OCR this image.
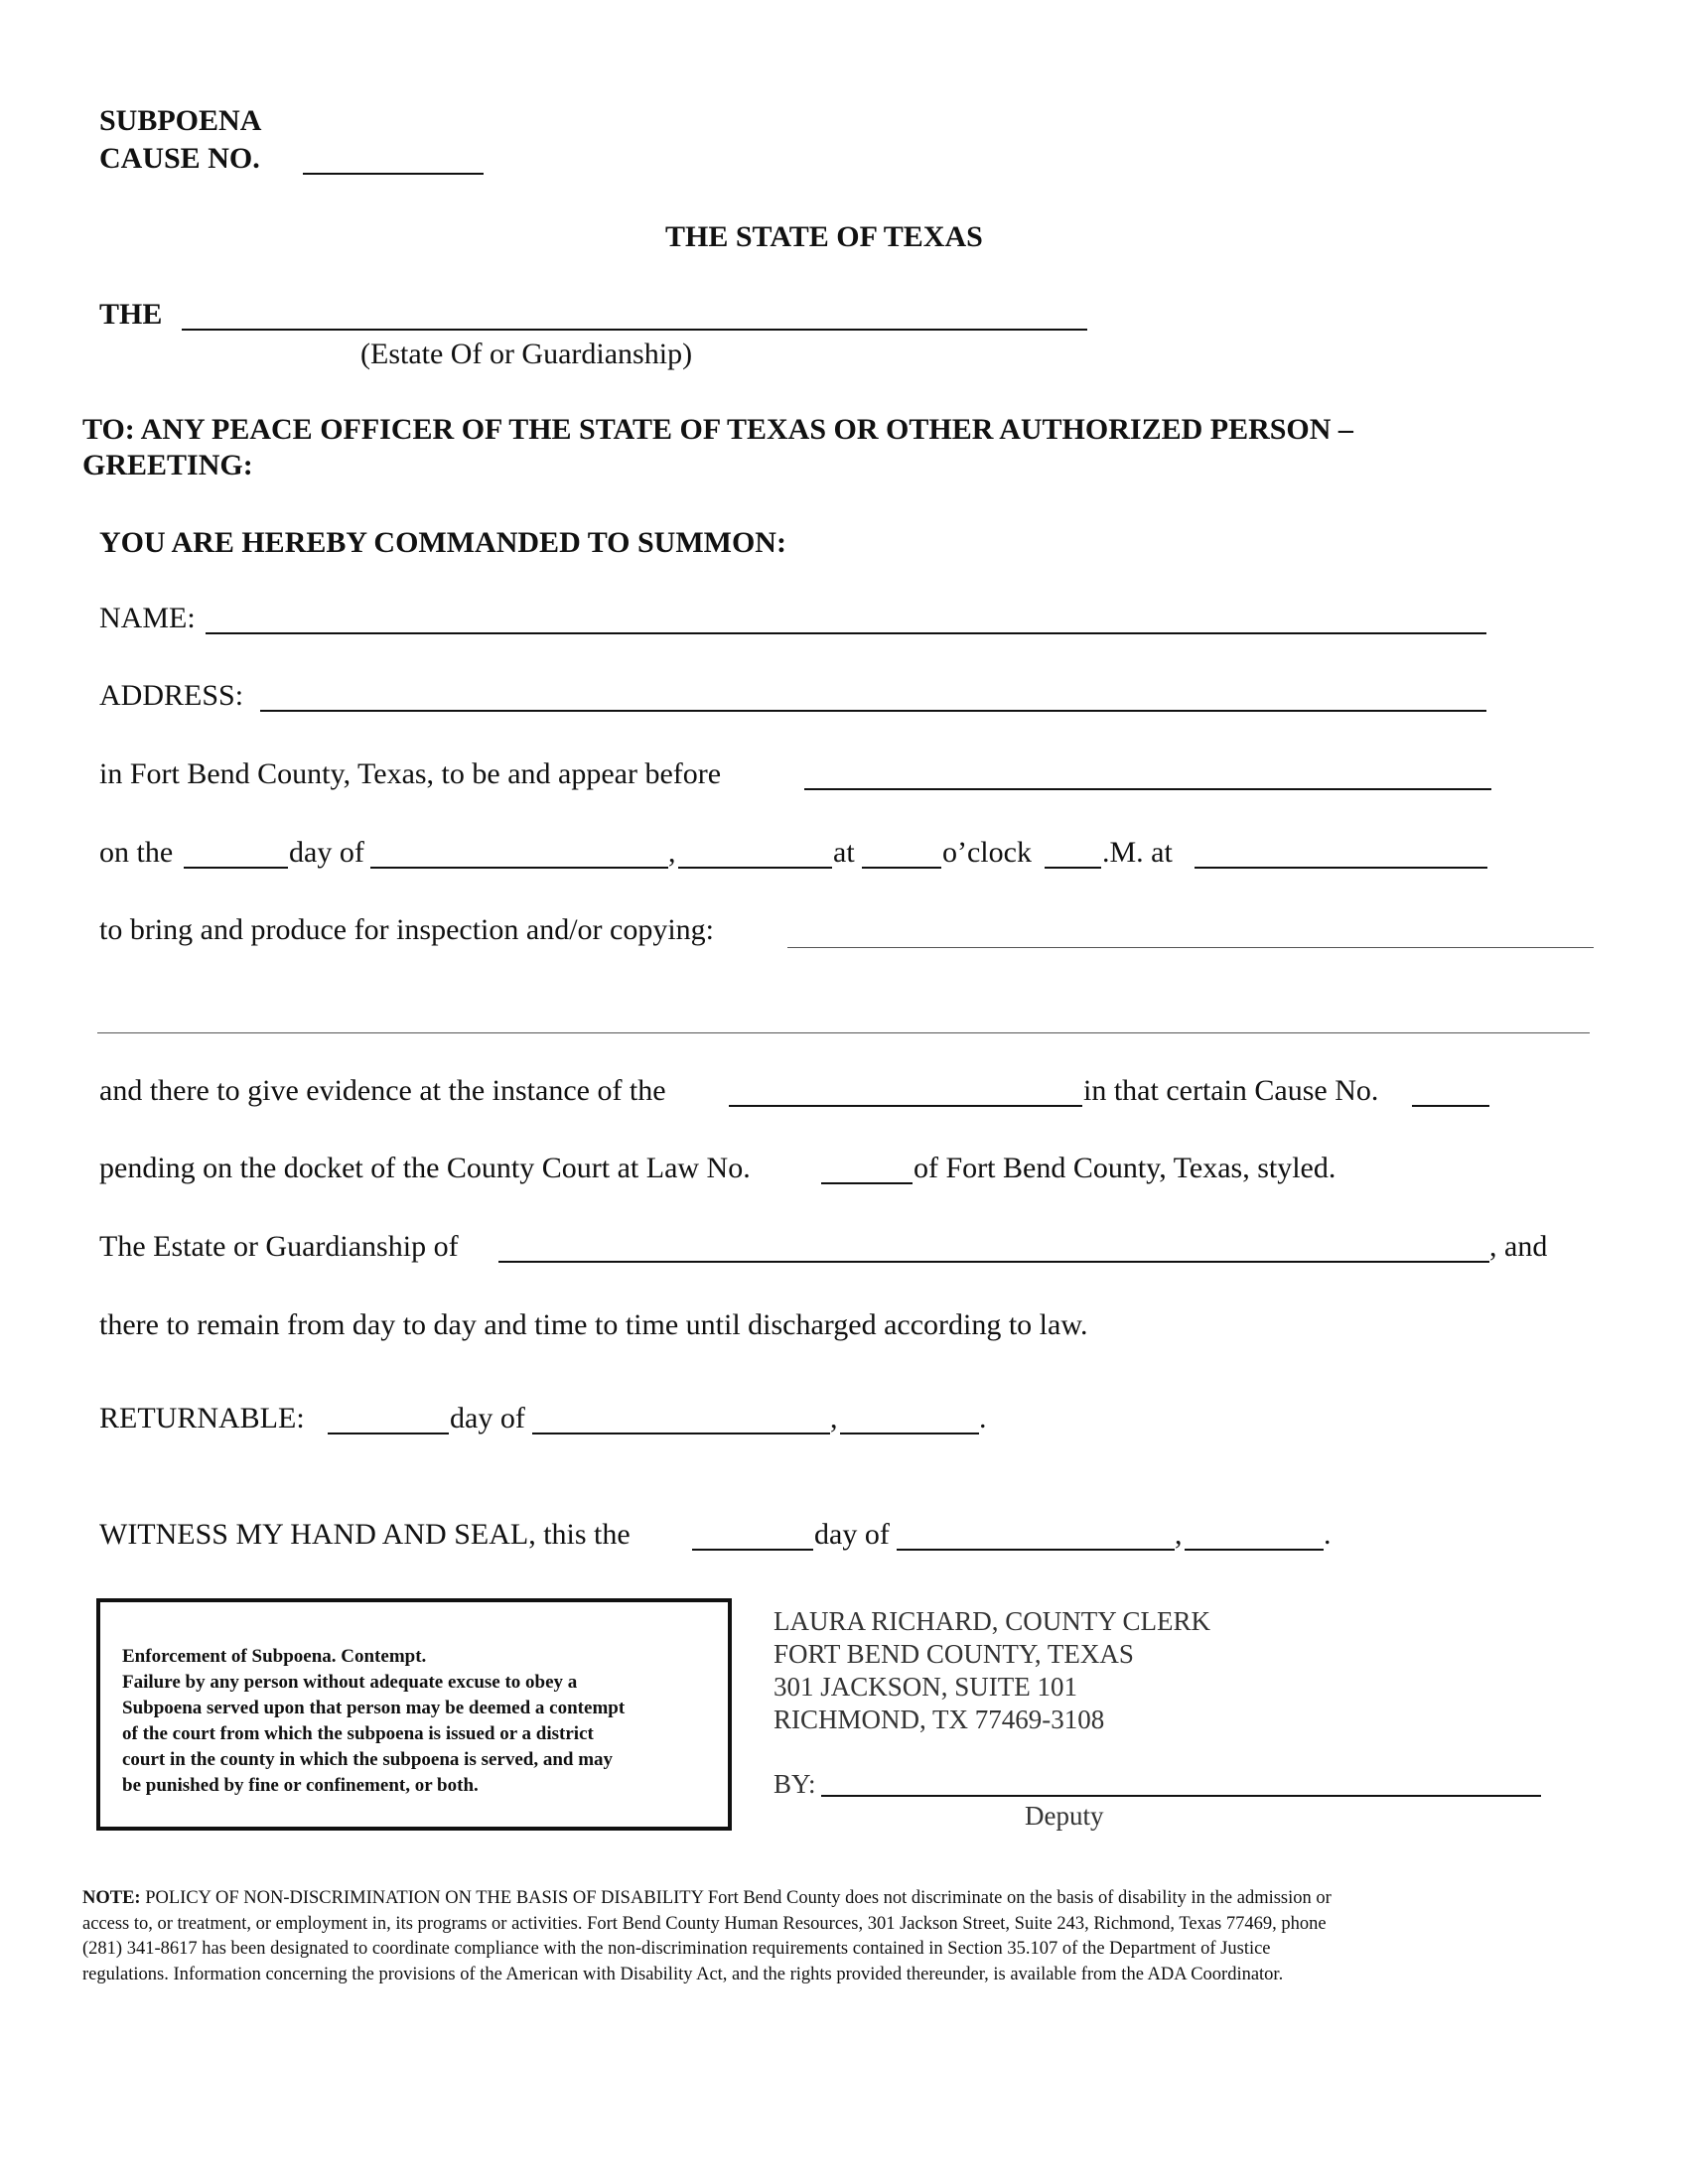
SUBPOENA
CAUSE NO.
THE STATE OF TEXAS
THE
(Estate Of or Guardianship)
TO: ANY PEACE OFFICER OF THE STATE OF TEXAS OR OTHER AUTHORIZED PERSON –
GREETING:
YOU ARE HEREBY COMMANDED TO SUMMON:
NAME:
ADDRESS:
in Fort Bend County, Texas, to be and appear before
on the	day of	,	at	o’clock .M. at
to bring and produce for inspection and/or copying:
and there to give evidence at the instance of the	in that certain Cause No.
pending on the docket of the County Court at Law No.	of Fort Bend County, Texas, styled.
The Estate or Guardianship of	, and
there to remain from day to day and time to time until discharged according to law.
RETURNABLE:	day of	,	.
WITNESS MY HAND AND SEAL, this the	day of	,	.
Enforcement of Subpoena. Contempt.
Failure by any person without adequate excuse to obey a
Subpoena served upon that person may be deemed a contempt
of the court from which the subpoena is issued or a district
court in the county in which the subpoena is served, and may
be punished by fine or confinement, or both.
LAURA RICHARD, COUNTY CLERK
FORT BEND COUNTY, TEXAS
301 JACKSON, SUITE 101
RICHMOND, TX 77469-3108
BY:
Deputy
NOTE: POLICY OF NON-DISCRIMINATION ON THE BASIS OF DISABILITY Fort Bend County does not discriminate on the basis of disability in the admission or
access to, or treatment, or employment in, its programs or activities. Fort Bend County Human Resources, 301 Jackson Street, Suite 243, Richmond, Texas 77469, phone
(281) 341-8617 has been designated to coordinate compliance with the non-discrimination requirements contained in Section 35.107 of the Department of Justice
regulations. Information concerning the provisions of the American with Disability Act, and the rights provided thereunder, is available from the ADA Coordinator.
